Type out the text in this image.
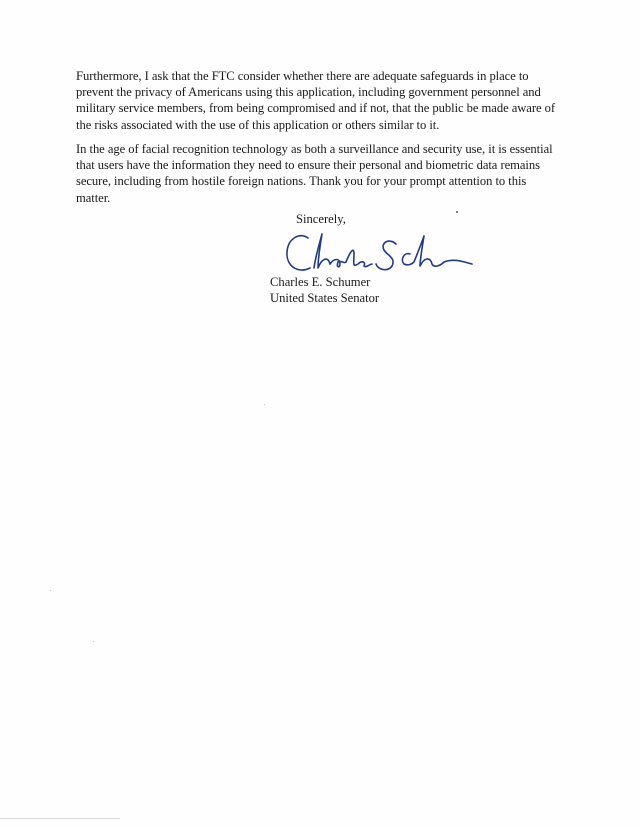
Furthermore, I ask that the FTC consider whether there are adequate safeguards in place to
prevent the privacy of Americans using this application, including government personnel and
military service members, from being compromised and if not, that the public be made aware of
the risks associated with the use of this application or others similar to it.

In the age of facial recognition technology as both a surveillance and security use, it is essential
that users have the information they need to ensure their personal and biometric data remains
secure, including from hostile foreign nations. Thank you for your prompt attention to this
matter.

Sincerely,

Charles E. Schumer
United States Senator
